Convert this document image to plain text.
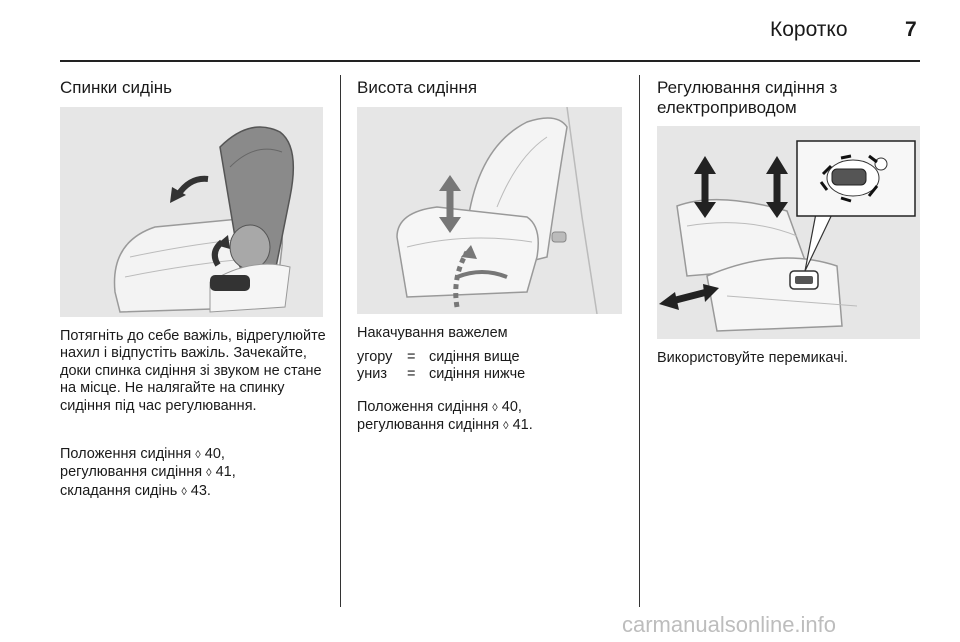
Коротко	7
Спинки сидінь

Потягніть до себе важіль, відрегулюйте нахил і відпустіть важіль. Зачекайте, доки спинка сидіння зі звуком не стане на місце. Не налягайте на спинку сидіння під час регулювання.

Положення сидіння ◊ 40,
регулювання сидіння ◊ 41,
складання сидінь ◊ 43.
Висота сидіння

Накачування важелем

угору	= сидіння вище
униз	= сидіння нижче
Положення сидіння ◊ 40,
регулювання сидіння ◊ 41.
Регулювання сидіння з
електроприводом

Використовуйте перемикачі.

carmanualsonline.info
